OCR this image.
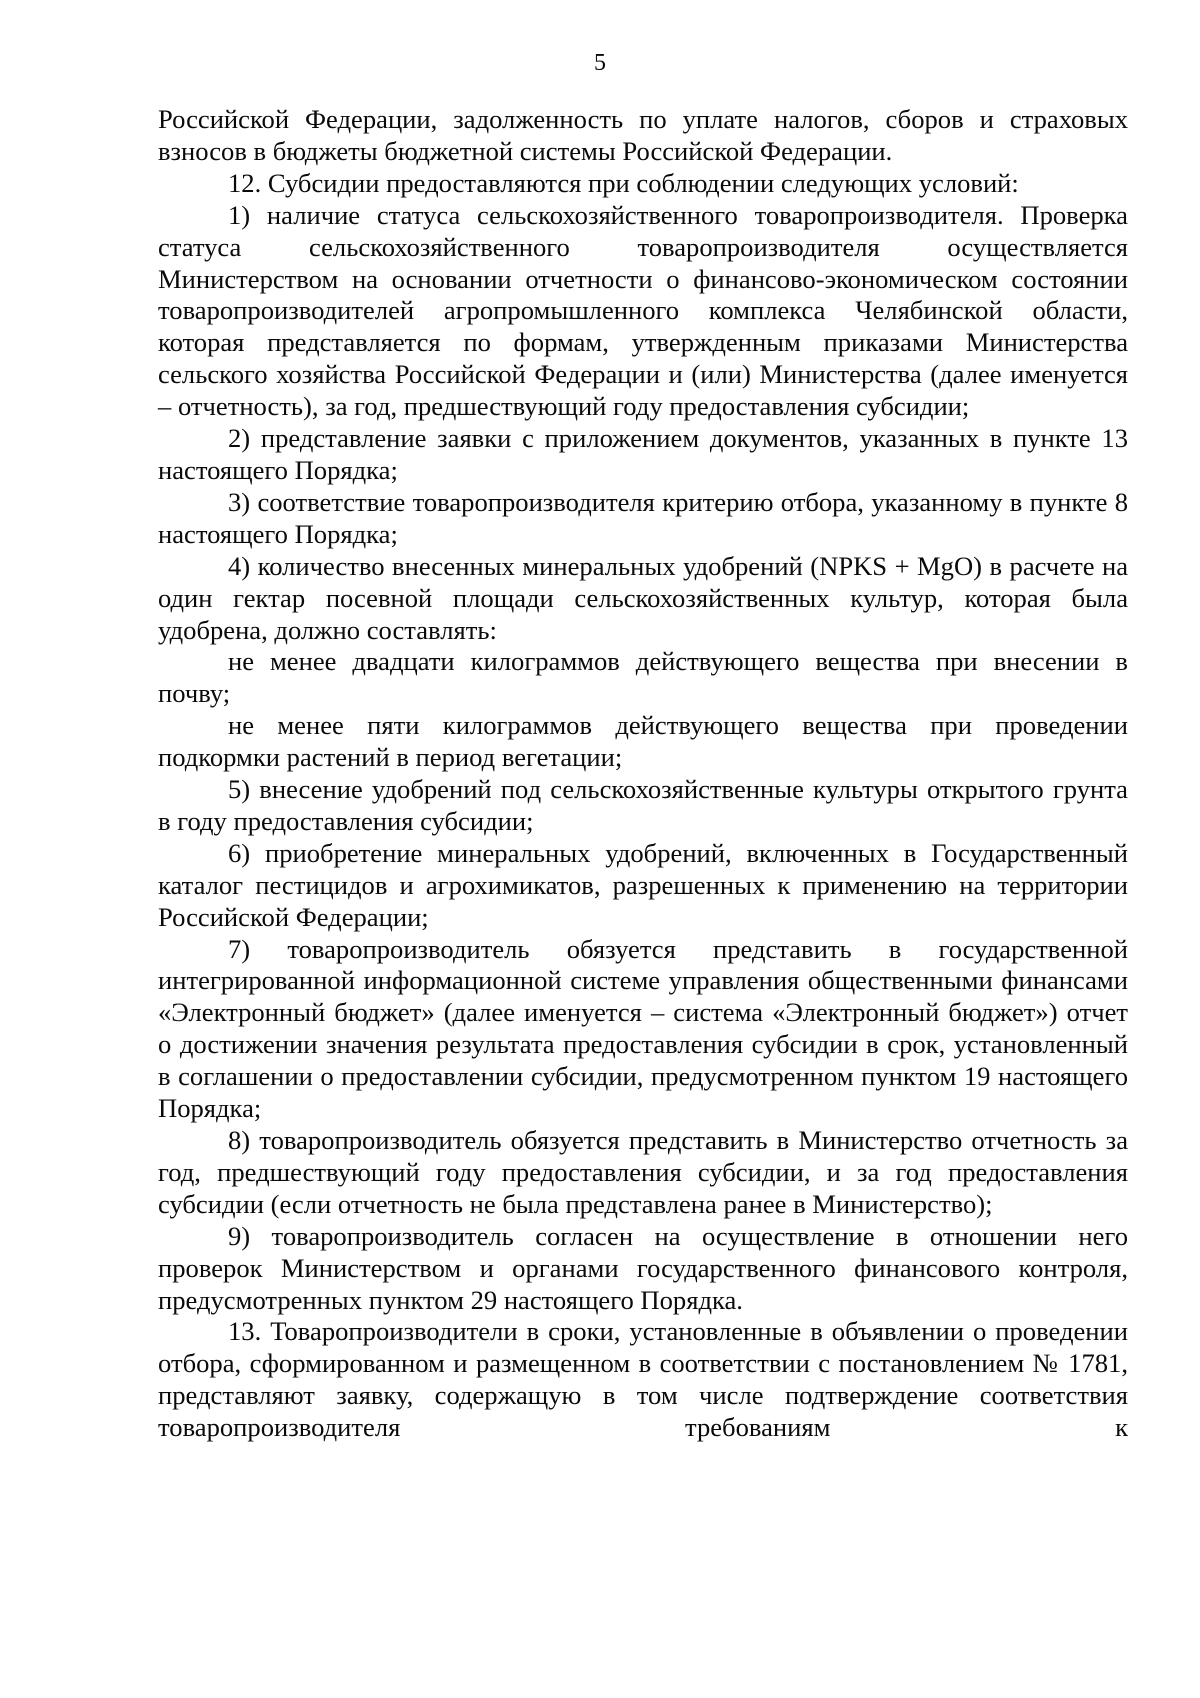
5

Российской Федерации, задолженность по уплате налогов, сборов и страховых взносов в бюджеты бюджетной системы Российской Федерации.

12. Субсидии предоставляются при соблюдении следующих условий:

1) наличие статуса сельскохозяйственного товаропроизводителя. Проверка статуса сельскохозяйственного товаропроизводителя осуществляется Министерством на основании отчетности о финансово-экономическом состоянии товаропроизводителей агропромышленного комплекса Челябинской области, которая представляется по формам, утвержденным приказами Министерства сельского хозяйства Российской Федерации и (или) Министерства (далее именуется – отчетность), за год, предшествующий году предоставления субсидии;

2) представление заявки с приложением документов, указанных в пункте 13 настоящего Порядка;

3) соответствие товаропроизводителя критерию отбора, указанному в пункте 8 настоящего Порядка;

4) количество внесенных минеральных удобрений (NPKS + MgO) в расчете на один гектар посевной площади сельскохозяйственных культур, которая была удобрена, должно составлять:

не менее двадцати килограммов действующего вещества при внесении в почву;

не менее пяти килограммов действующего вещества при проведении подкормки растений в период вегетации;

5) внесение удобрений под сельскохозяйственные культуры открытого грунта в году предоставления субсидии;

6) приобретение минеральных удобрений, включенных в Государственный каталог пестицидов и агрохимикатов, разрешенных к применению на территории Российской Федерации;

7) товаропроизводитель обязуется представить в государственной интегрированной информационной системе управления общественными финансами «Электронный бюджет» (далее именуется – система «Электронный бюджет») отчет о достижении значения результата предоставления субсидии в срок, установленный в соглашении о предоставлении субсидии, предусмотренном пунктом 19 настоящего Порядка;

8) товаропроизводитель обязуется представить в Министерство отчетность за год, предшествующий году предоставления субсидии, и за год предоставления субсидии (если отчетность не была представлена ранее в Министерство);

9) товаропроизводитель согласен на осуществление в отношении него проверок Министерством и органами государственного финансового контроля, предусмотренных пунктом 29 настоящего Порядка.

13. Товаропроизводители в сроки, установленные в объявлении о проведении отбора, сформированном и размещенном в соответствии с постановлением № 1781, представляют заявку, содержащую в том числе подтверждение соответствия товаропроизводителя требованиям к
